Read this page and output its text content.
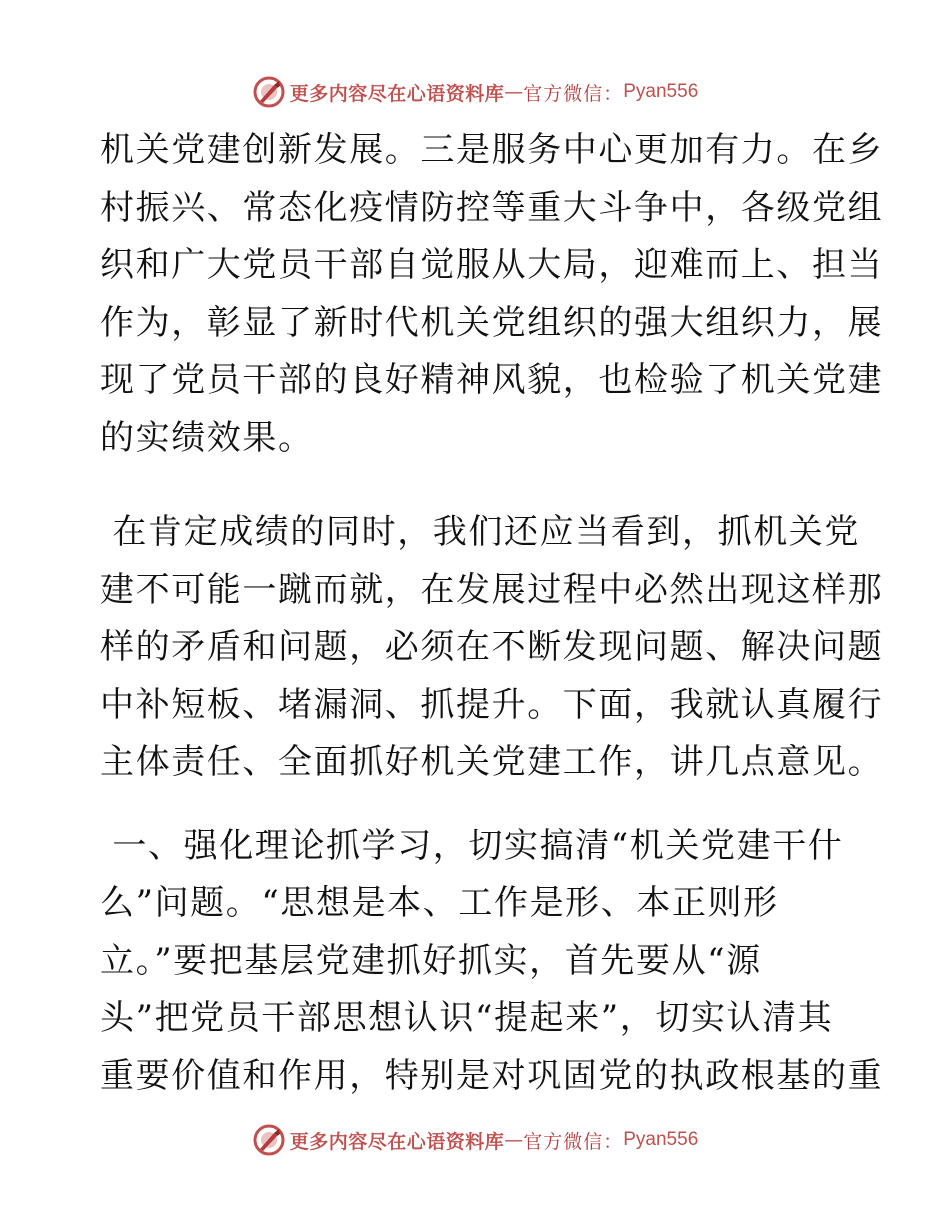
更多内容尽在心语资料库 — 官方微信： Pyan556
机关党建创新发展。三是服务中心更加有力。在乡
村振兴、常态化疫情防控等重大斗争中，各级党组
织和广大党员干部自觉服从大局，迎难而上、担当
作为，彰显了新时代机关党组织的强大组织力，展
现了党员干部的良好精神风貌，也检验了机关党建
的实绩效果。
在肯定成绩的同时，我们还应当看到，抓机关党
建不可能一蹴而就，在发展过程中必然出现这样那
样的矛盾和问题，必须在不断发现问题、解决问题
中补短板、堵漏洞、抓提升。下面，我就认真履行
主体责任、全面抓好机关党建工作，讲几点意见。
一、强化理论抓学习，切实搞清“机关党建干什
么”问题。“思想是本、工作是形、本正则形
立。”要把基层党建抓好抓实，首先要从“源
头”把党员干部思想认识“提起来”，切实认清其
重要价值和作用，特别是对巩固党的执政根基的重
更多内容尽在心语资料库 — 官方微信： Pyan556
